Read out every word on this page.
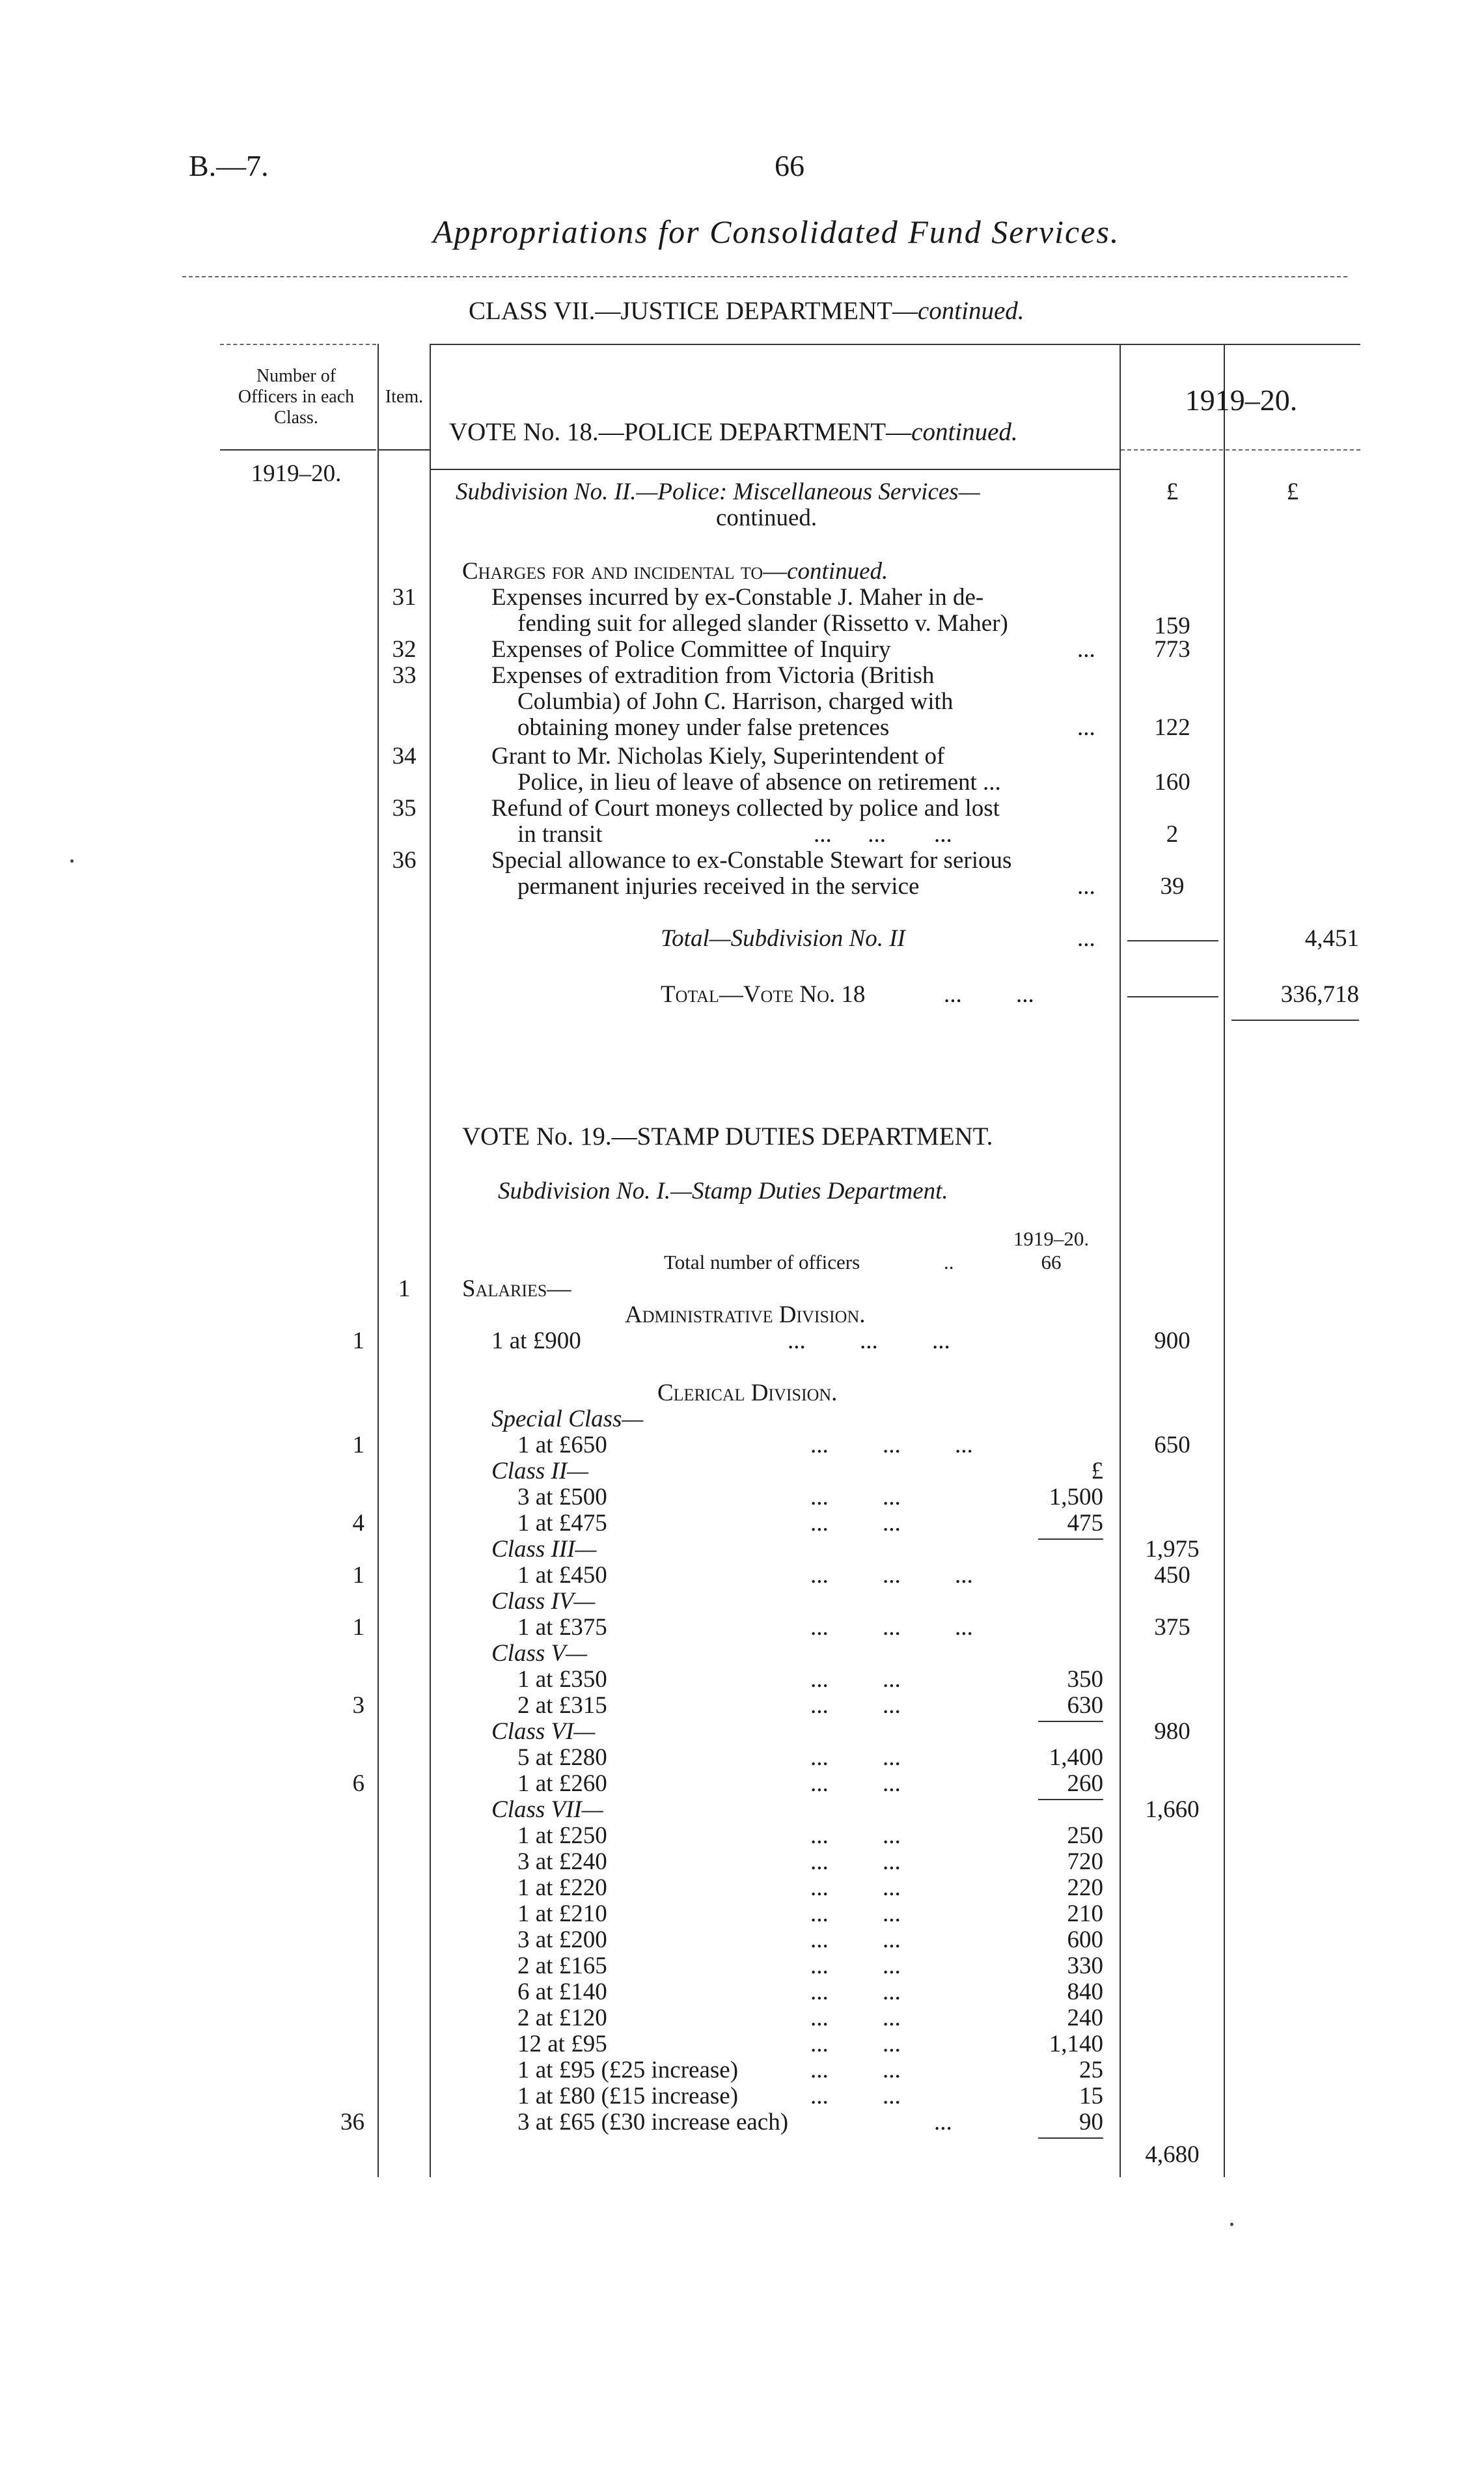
B.—7.	66
Appropriations for Consolidated Fund Services.
CLASS VII.—JUSTICE DEPARTMENT—continued.
Number of
Officers in each
Class.
Item.	1919–20.
1919–20.
VOTE No. 18.—POLICE DEPARTMENT—continued.
£	£
Subdivision No. II.—Police: Miscellaneous Services—
continued.
Charges for and incidental to—continued.
31	Expenses incurred by ex-Constable J. Maher in de-
fending suit for alleged slander (Rissetto v. Maher)	159
32	Expenses of Police Committee of Inquiry	...	773
33	Expenses of extradition from Victoria (British
Columbia) of John C. Harrison, charged with
obtaining money under false pretences	...	122
34	Grant to Mr. Nicholas Kiely, Superintendent of
Police, in lieu of leave of absence on retirement ...	160
35	Refund of Court moneys collected by police and lost
in transit	...      ...        ...	2
36	Special allowance to ex-Constable Stewart for serious
permanent injuries received in the service	...	39
Total—Subdivision No. II	...	4,451
Total—Vote No. 18	...         ...	336,718
VOTE No. 19.—STAMP DUTIES DEPARTMENT.
Subdivision No. I.—Stamp Duties Department.
1919–20.
Total number of officers	..	66
1	Salaries—
Administrative Division.
1	1 at £900	...         ...         ...	900
Clerical Division.
Special Class—
1	1 at £650	...         ...         ...	650
Class II—	£
3 at £500	...         ...	1,500
4	1 at £475	...         ...	475
Class III—	1,975
1	1 at £450	...         ...         ...	450
Class IV—
1	1 at £375	...         ...         ...	375
Class V—
1 at £350	...         ...	350
3	2 at £315	...         ...	630
Class VI—	980
5 at £280	...         ...	1,400
6	1 at £260	...         ...	260
Class VII—	1,660
1 at £250	...         ...	250
3 at £240	...         ...	720
1 at £220	...         ...	220
1 at £210	...         ...	210
3 at £200	...         ...	600
2 at £165	...         ...	330
6 at £140	...         ...	840
2 at £120	...         ...	240
12 at £95	...         ...	1,140
1 at £95 (£25 increase)	...         ...	25
1 at £80 (£15 increase)	...         ...	15
36	3 at £65 (£30 increase each)	...	90
4,680
